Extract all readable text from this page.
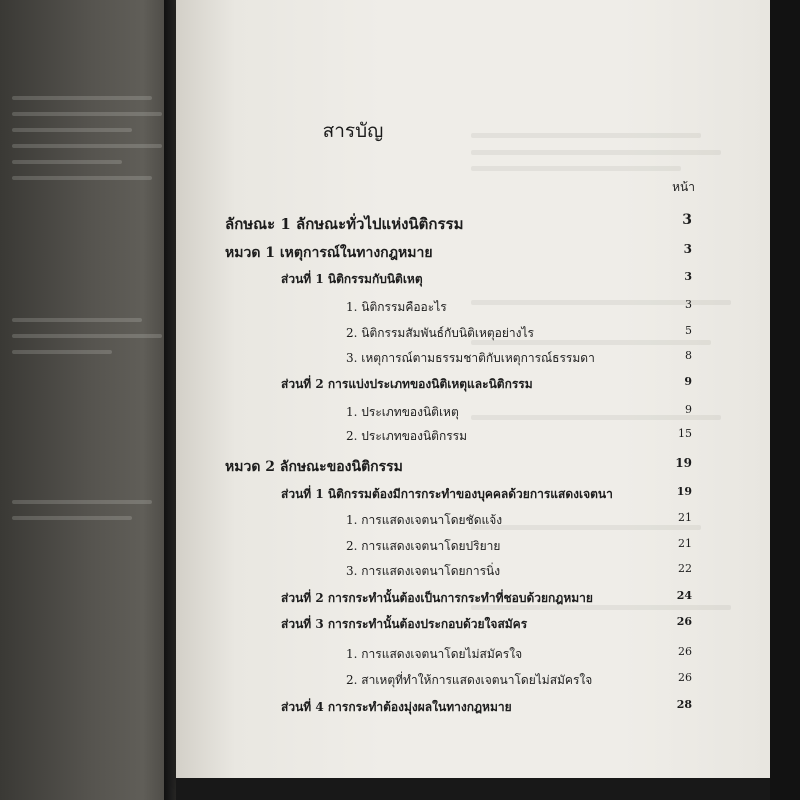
สารบัญ
หน้า
ลักษณะ 1 ลักษณะทั่วไปแห่งนิติกรรม	3
หมวด 1 เหตุการณ์ในทางกฎหมาย	3
ส่วนที่ 1 นิติกรรมกับนิติเหตุ	3
1. นิติกรรมคืออะไร	3
2. นิติกรรมสัมพันธ์กับนิติเหตุอย่างไร	5
3. เหตุการณ์ตามธรรมชาติกับเหตุการณ์ธรรมดา	8
ส่วนที่ 2 การแบ่งประเภทของนิติเหตุและนิติกรรม	9
1. ประเภทของนิติเหตุ	9
2. ประเภทของนิติกรรม	15
หมวด 2 ลักษณะของนิติกรรม	19
ส่วนที่ 1 นิติกรรมต้องมีการกระทำของบุคคลด้วยการแสดงเจตนา	19
1. การแสดงเจตนาโดยชัดแจ้ง	21
2. การแสดงเจตนาโดยปริยาย	21
3. การแสดงเจตนาโดยการนิ่ง	22
ส่วนที่ 2 การกระทำนั้นต้องเป็นการกระทำที่ชอบด้วยกฎหมาย	24
ส่วนที่ 3 การกระทำนั้นต้องประกอบด้วยใจสมัคร	26
1. การแสดงเจตนาโดยไม่สมัครใจ	26
2. สาเหตุที่ทำให้การแสดงเจตนาโดยไม่สมัครใจ	26
ส่วนที่ 4 การกระทำต้องมุ่งผลในทางกฎหมาย	28
